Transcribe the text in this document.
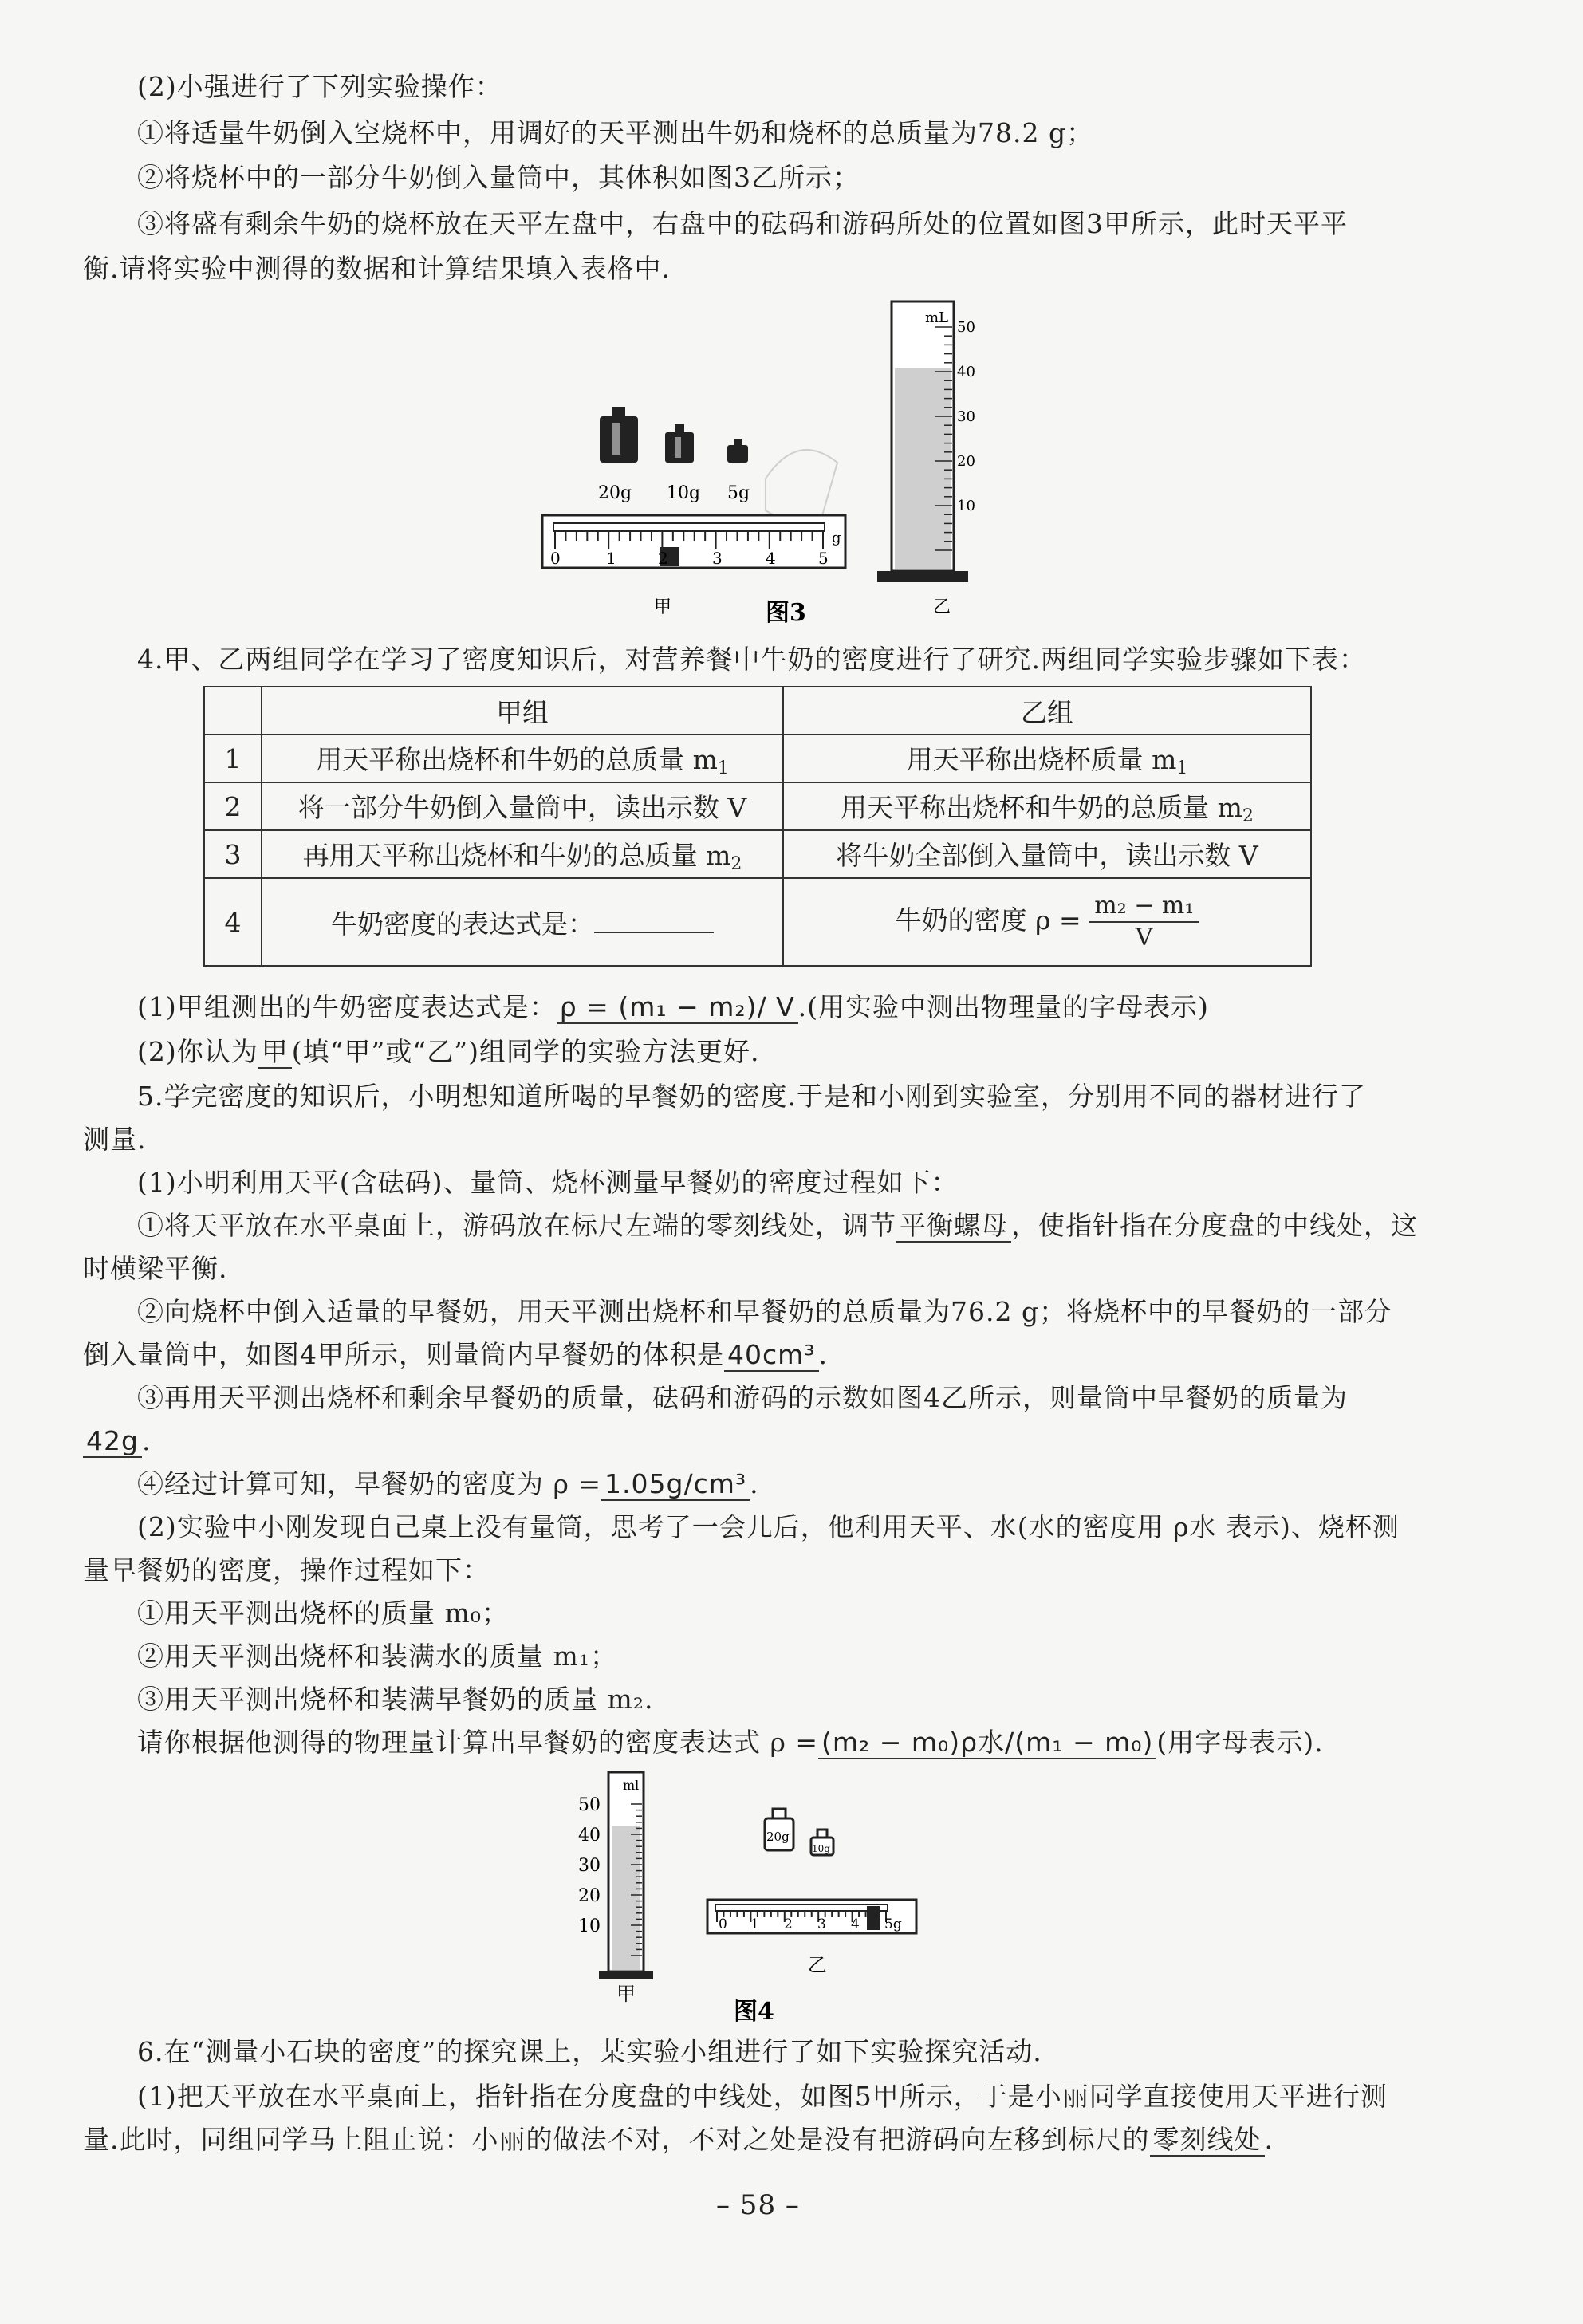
(2)小强进行了下列实验操作：
①将适量牛奶倒入空烧杯中，用调好的天平测出牛奶和烧杯的总质量为78.2 g；
②将烧杯中的一部分牛奶倒入量筒中，其体积如图3乙所示；
③将盛有剩余牛奶的烧杯放在天平左盘中，右盘中的砝码和游码所处的位置如图3甲所示，此时天平平
衡.请将实验中测得的数据和计算结果填入表格中.
20g 10g 5g
0	1	2	3	4	5
g
mL
50
40
30
20
10
甲	图3	乙
4.甲、乙两组同学在学习了密度知识后，对营养餐中牛奶的密度进行了研究.两组同学实验步骤如下表：
	甲组	乙组
1	用天平称出烧杯和牛奶的总质量 $m_1$	用天平称出烧杯质量 $m_1$
2	将一部分牛奶倒入量筒中，读出示数 V	用天平称出烧杯和牛奶的总质量 $m_2$
3	再用天平称出烧杯和牛奶的总质量 $m_2$	将牛奶全部倒入量筒中，读出示数 V
4	牛奶密度的表达式是：	牛奶的密度 $\rho = \frac{\text{m₂ − m₁}}{V}$
(1)甲组测出的牛奶密度表达式是： ρ = (m₁ − m₂)/ V .(用实验中测出物理量的字母表示)
(2)你认为 甲 (填“甲”或“乙”)组同学的实验方法更好.
5.学完密度的知识后，小明想知道所喝的早餐奶的密度.于是和小刚到实验室，分别用不同的器材进行了
测量.
(1)小明利用天平(含砝码)、量筒、烧杯测量早餐奶的密度过程如下：
①将天平放在水平桌面上，游码放在标尺左端的零刻线处，调节 平衡螺母 ，使指针指在分度盘的中线处，这
时横梁平衡.
②向烧杯中倒入适量的早餐奶，用天平测出烧杯和早餐奶的总质量为76.2 g；将烧杯中的早餐奶的一部分
倒入量筒中，如图4甲所示，则量筒内早餐奶的体积是 40cm³ .
③再用天平测出烧杯和剩余早餐奶的质量，砝码和游码的示数如图4乙所示，则量筒中早餐奶的质量为
42g .
④经过计算可知，早餐奶的密度为 ρ = 1.05g/cm³ .
(2)实验中小刚发现自己桌上没有量筒，思考了一会儿后，他利用天平、水(水的密度用 ρ水 表示)、烧杯测
量早餐奶的密度，操作过程如下：
①用天平测出烧杯的质量 m₀；
②用天平测出烧杯和装满水的质量 m₁；
③用天平测出烧杯和装满早餐奶的质量 m₂.
请你根据他测得的物理量计算出早餐奶的密度表达式 ρ = (m₂ − m₀)ρ水/(m₁ − m₀) (用字母表示).
ml
50
40
30
20
10
甲
20g
10g
0 1 2 3 4 5g
乙
图4
6.在“测量小石块的密度”的探究课上，某实验小组进行了如下实验探究活动.
(1)把天平放在水平桌面上，指针指在分度盘的中线处，如图5甲所示，于是小丽同学直接使用天平进行测
量.此时，同组同学马上阻止说：小丽的做法不对，不对之处是没有把游码向左移到标尺的 零刻线处 .
– 58 –
